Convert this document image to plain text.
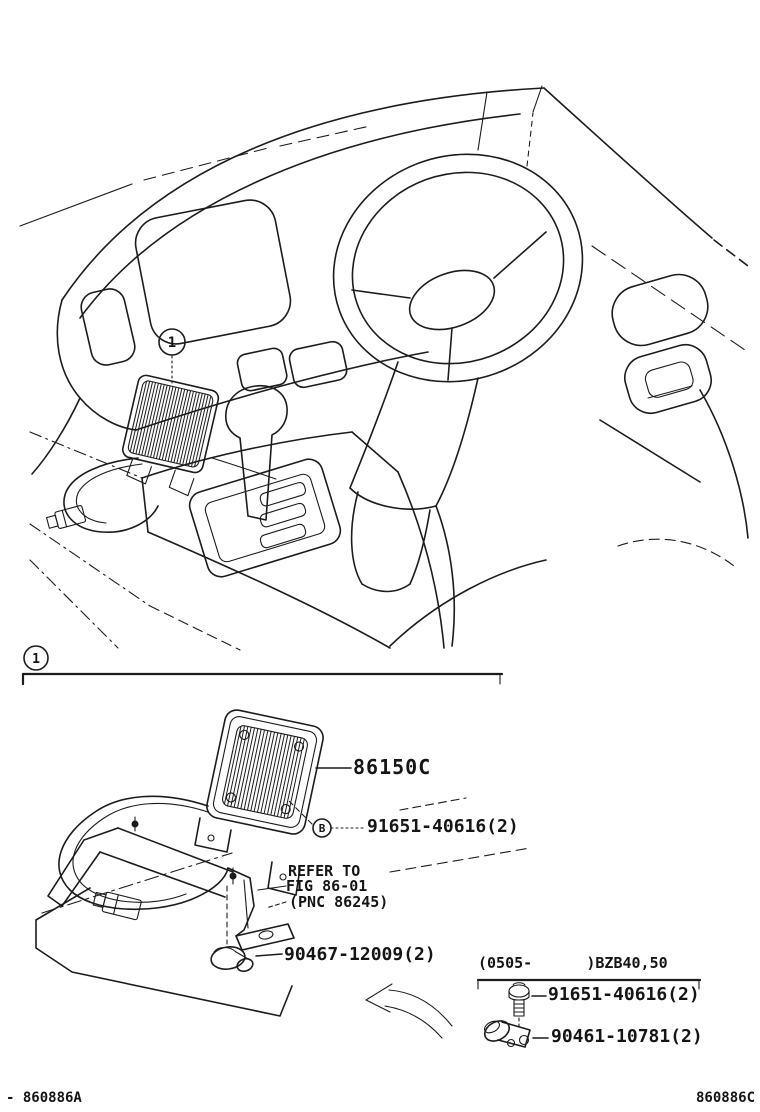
1
1
B
86150C
91651-40616(2)
REFER TO
FIG 86-01
(PNC 86245)
90467-12009(2)	(0505-      )BZB40,50
91651-40616(2)
90461-10781(2)
- 860886A	860886C
